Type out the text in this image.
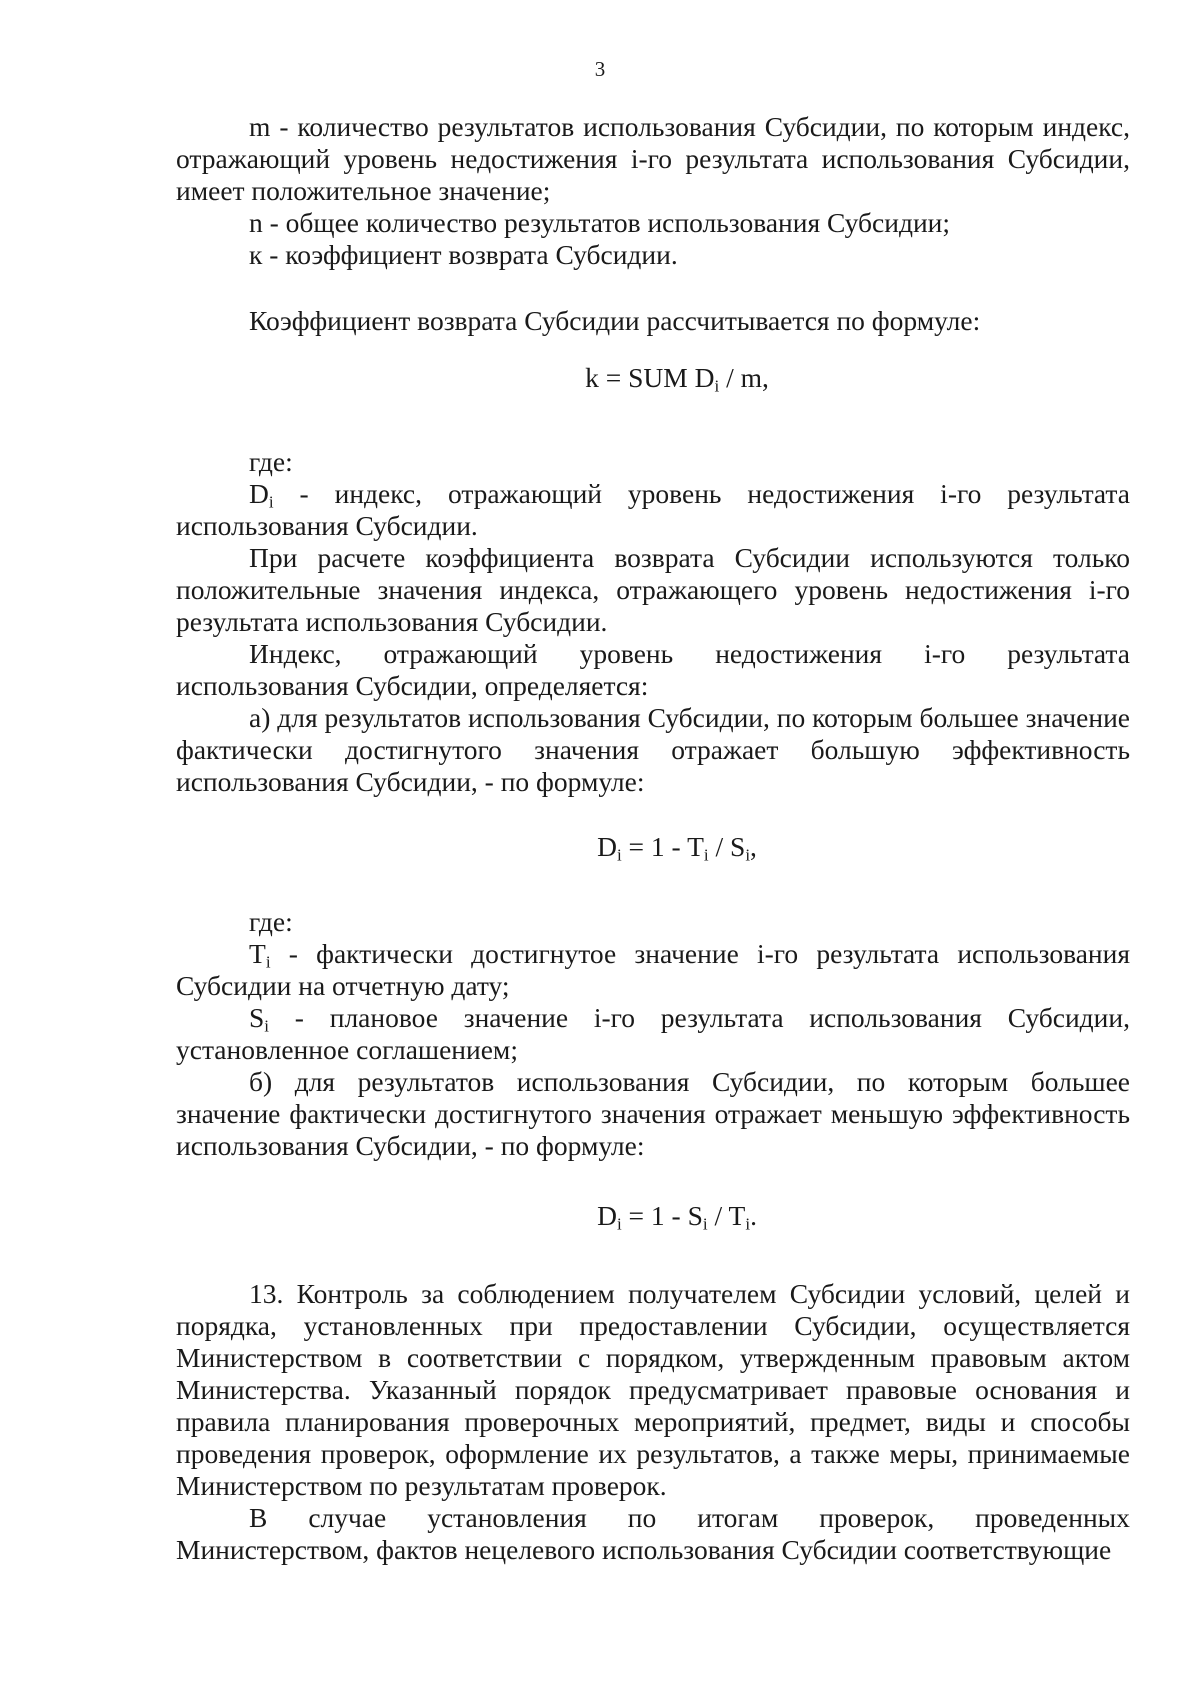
3

m - количество результатов использования Субсидии, по которым индекс, отражающий уровень недостижения i-го результата использования Субсидии, имеет положительное значение;

n - общее количество результатов использования Субсидии;

к - коэффициент возврата Субсидии.

Коэффициент возврата Субсидии рассчитывается по формуле:

k = SUM $D_i$ / m,

где:

$D_i$ - индекс, отражающий уровень недостижения i-го результата использования Субсидии.

При расчете коэффициента возврата Субсидии используются только положительные значения индекса, отражающего уровень недостижения i-го результата использования Субсидии.

Индекс, отражающий уровень недостижения i-го результата

использования Субсидии, определяется:

а) для результатов использования Субсидии, по которым большее значение фактически достигнутого значения отражает большую эффективность использования Субсидии, - по формуле:

$D_i = 1 - T_i / S_i$,

где:

$T_i$ - фактически достигнутое значение i-го результата использования Субсидии на отчетную дату;

$S_i$ - плановое значение i-го результата использования Субсидии, установленное соглашением;

б) для результатов использования Субсидии, по которым большее значение фактически достигнутого значения отражает меньшую эффективность использования Субсидии, - по формуле:

$D_i = 1 - S_i / T_i$.

13. Контроль за соблюдением получателем Субсидии условий, целей и порядка, установленных при предоставлении Субсидии, осуществляется Министерством в соответствии с порядком, утвержденным правовым актом Министерства. Указанный порядок предусматривает правовые основания и правила планирования проверочных мероприятий, предмет, виды и способы проведения проверок, оформление их результатов, а также меры, принимаемые Министерством по результатам проверок.

В случае установления по итогам проверок, проведенных

Министерством, фактов нецелевого использования Субсидии соответствующие
